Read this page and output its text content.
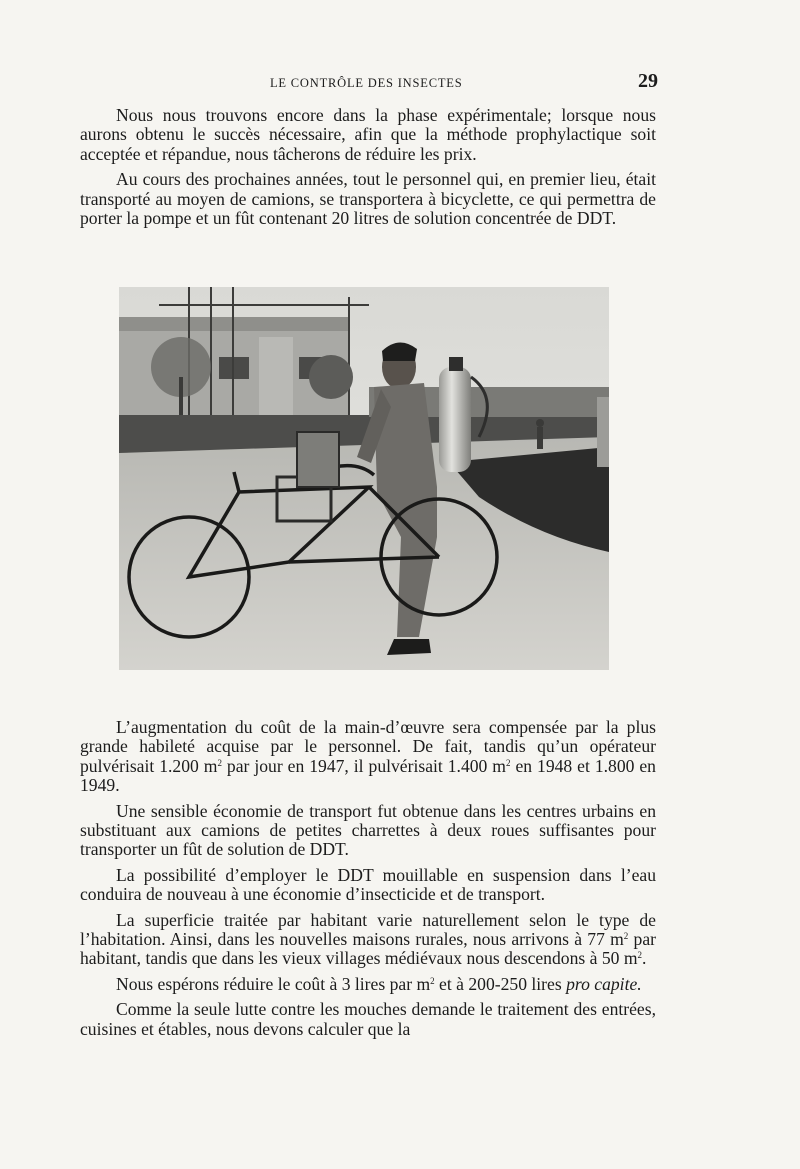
LE CONTRÔLE DES INSECTES	29

Nous nous trouvons encore dans la phase expérimentale; lorsque nous aurons obtenu le succès nécessaire, afin que la méthode prophylactique soit acceptée et répandue, nous tâcherons de réduire les prix.

Au cours des prochaines années, tout le personnel qui, en premier lieu, était transporté au moyen de camions, se transportera à bicyclette, ce qui permettra de porter la pompe et un fût contenant 20 litres de solution concentrée de DDT.

L’augmentation du coût de la main-d’œuvre sera compensée par la plus grande habileté acquise par le personnel. De fait, tandis qu’un opérateur pulvérisait 1.200 $m^2$ par jour en 1947, il pulvérisait 1.400 $m^2$ en 1948 et 1.800 en 1949.

Une sensible économie de transport fut obtenue dans les centres urbains en substituant aux camions de petites charrettes à deux roues suffisantes pour transporter un fût de solution de DDT.

La possibilité d’employer le DDT mouillable en suspension dans l’eau conduira de nouveau à une économie d’insecticide et de transport.

La superficie traitée par habitant varie naturellement selon le type de l’habitation. Ainsi, dans les nouvelles maisons rurales, nous arrivons à 77 $m^2$ par habitant, tandis que dans les vieux villages médiévaux nous descendons à 50 $m^2$.

Nous espérons réduire le coût à 3 lires par $m^2$ et à 200-250 lires pro capite.

Comme la seule lutte contre les mouches demande le traitement des entrées, cuisines et étables, nous devons calculer que la
